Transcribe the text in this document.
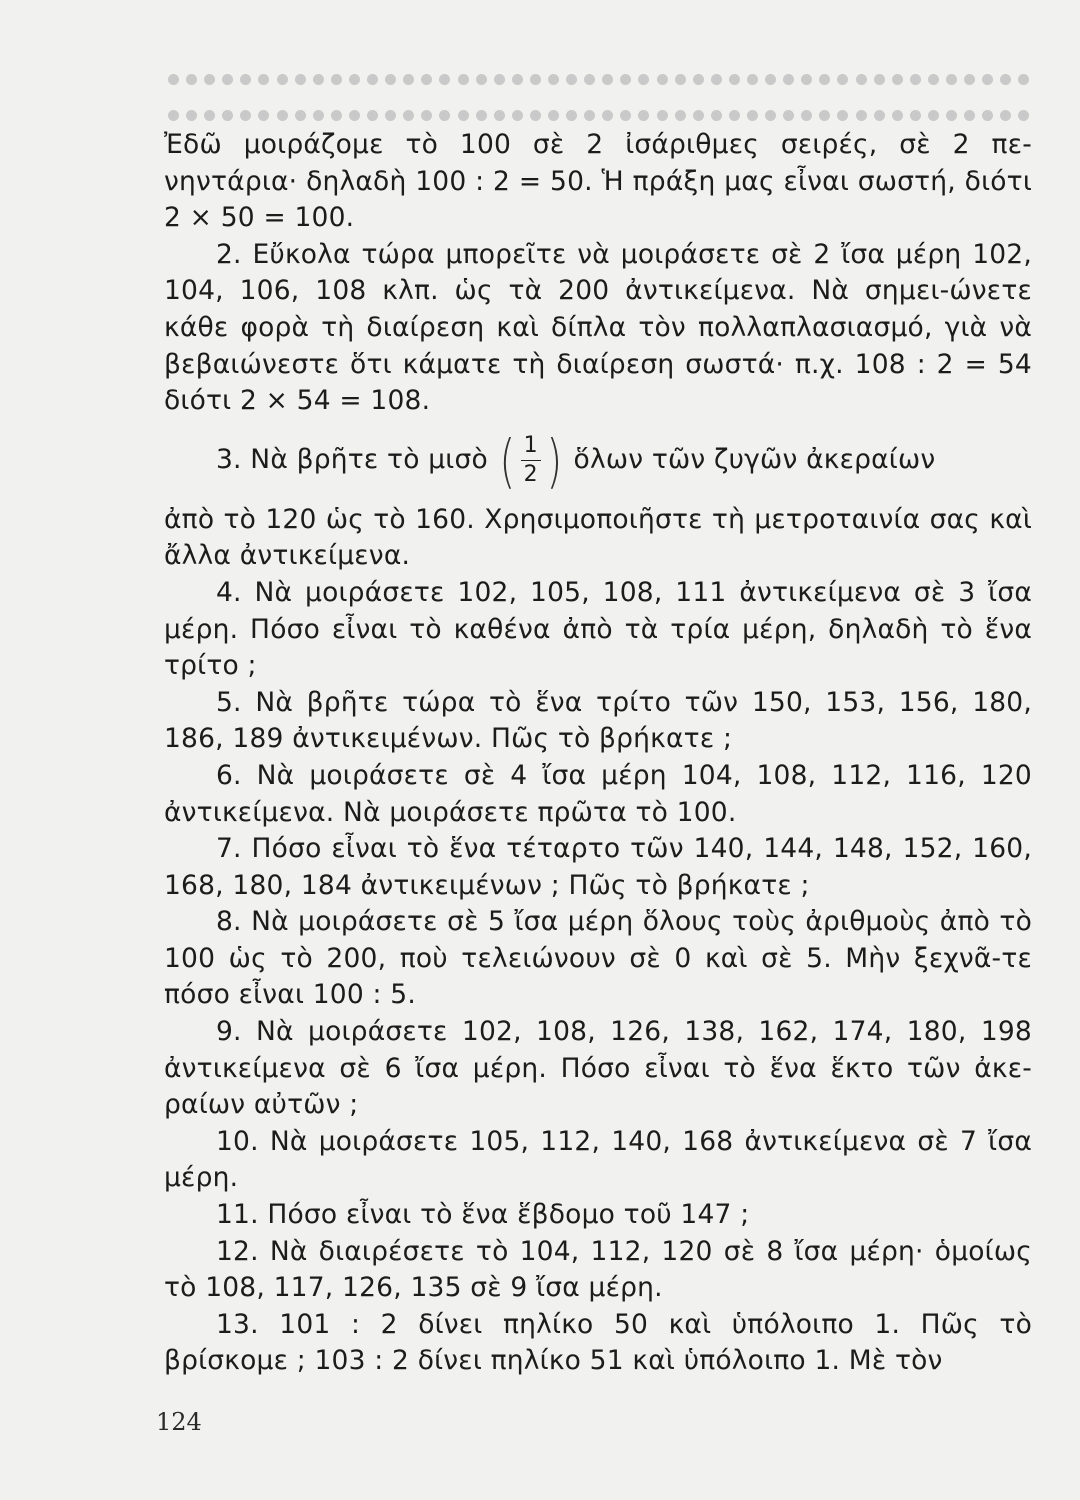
Ἐδῶ μοιράζομε τὸ 100 σὲ 2 ἰσάριθμες σειρές, σὲ 2 πε-νηντάρια· δηλαδὴ 100 : 2 = 50. Ἡ πράξη μας εἶναι σωστή, διότι 2 × 50 = 100.

2. Εὔκολα τώρα μπορεῖτε νὰ μοιράσετε σὲ 2 ἴσα μέρη 102, 104, 106, 108 κλπ. ὡς τὰ 200 ἀντικείμενα. Νὰ σημει-ώνετε κάθε φορὰ τὴ διαίρεση καὶ δίπλα τὸν πολλαπλασιασμό, γιὰ νὰ βεβαιώνεστε ὅτι κάματε τὴ διαίρεση σωστά· π.χ. 108 : 2 = 54 διότι 2 × 54 = 108.

3. Νὰ βρῆτε τὸ μισὸ ( $\frac{1}{2}$ ) ὅλων τῶν ζυγῶν ἀκεραίων

ἀπὸ τὸ 120 ὡς τὸ 160. Χρησιμοποιῆστε τὴ μετροταινία σας καὶ ἄλλα ἀντικείμενα.

4. Νὰ μοιράσετε 102, 105, 108, 111 ἀντικείμενα σὲ 3 ἴσα μέρη. Πόσο εἶναι τὸ καθένα ἀπὸ τὰ τρία μέρη, δηλαδὴ τὸ ἕνα τρίτο ;

5. Νὰ βρῆτε τώρα τὸ ἕνα τρίτο τῶν 150, 153, 156, 180, 186, 189 ἀντικειμένων. Πῶς τὸ βρήκατε ;

6. Νὰ μοιράσετε σὲ 4 ἴσα μέρη 104, 108, 112, 116, 120 ἀντικείμενα. Νὰ μοιράσετε πρῶτα τὸ 100.

7. Πόσο εἶναι τὸ ἕνα τέταρτο τῶν 140, 144, 148, 152, 160, 168, 180, 184 ἀντικειμένων ; Πῶς τὸ βρήκατε ;

8. Νὰ μοιράσετε σὲ 5 ἴσα μέρη ὅλους τοὺς ἀριθμοὺς ἀπὸ τὸ 100 ὡς τὸ 200, ποὺ τελειώνουν σὲ 0 καὶ σὲ 5. Μὴν ξεχνᾶ-τε πόσο εἶναι 100 : 5.

9. Νὰ μοιράσετε 102, 108, 126, 138, 162, 174, 180, 198 ἀντικείμενα σὲ 6 ἴσα μέρη. Πόσο εἶναι τὸ ἕνα ἕκτο τῶν ἀκε-ραίων αὐτῶν ;

10. Νὰ μοιράσετε 105, 112, 140, 168 ἀντικείμενα σὲ 7 ἴσα μέρη.

11. Πόσο εἶναι τὸ ἕνα ἕβδομο τοῦ 147 ;

12. Νὰ διαιρέσετε τὸ 104, 112, 120 σὲ 8 ἴσα μέρη· ὁμοίως τὸ 108, 117, 126, 135 σὲ 9 ἴσα μέρη.

13. 101 : 2 δίνει πηλίκο 50 καὶ ὑπόλοιπο 1. Πῶς τὸ βρίσκομε ; 103 : 2 δίνει πηλίκο 51 καὶ ὑπόλοιπο 1. Μὲ τὸν

124
